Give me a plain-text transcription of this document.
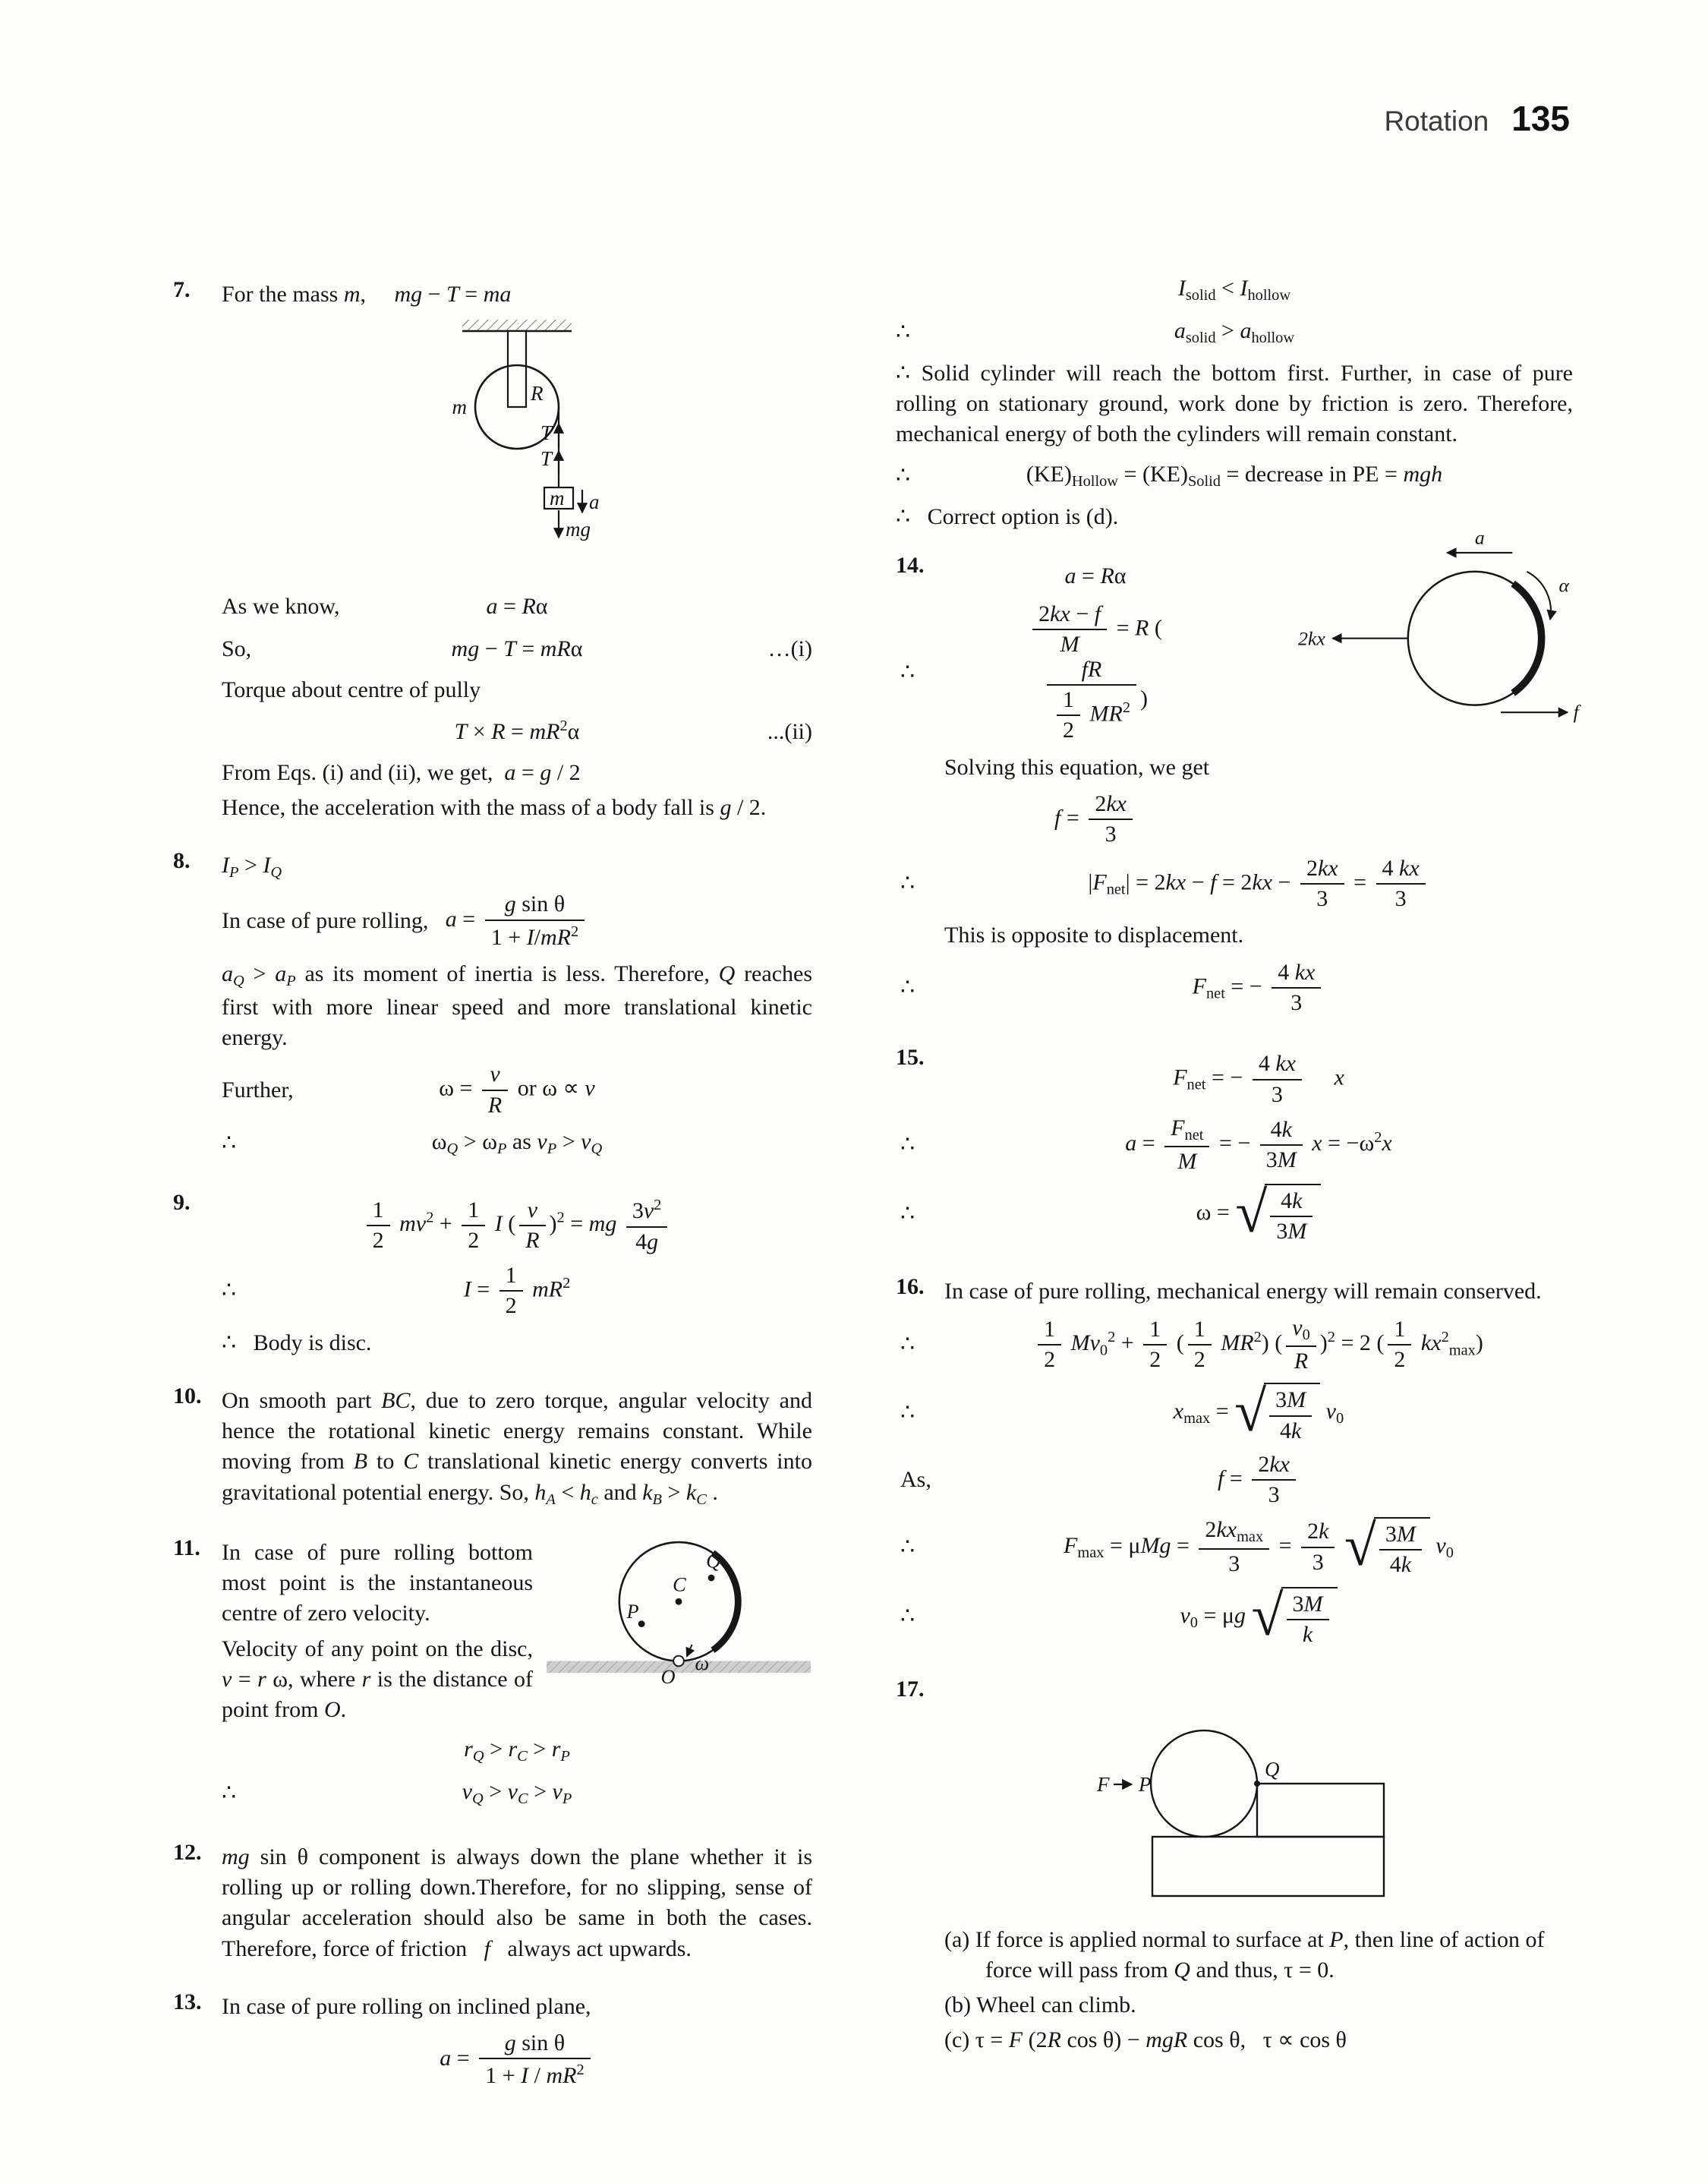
Rotation 135
7.	For the mass m,  mg − T = ma

m
R
T
T
m a
mg
As we know,	a = Rα
So,	mg − T = mRα	…(i)

Torque about centre of pully

$T \times R = mR^2\alpha$	...(ii)

From Eqs. (i) and (ii), we get, a = g / 2

Hence, the acceleration with the mass of a body fall is g / 2.

8.	$I_P > I_Q$

In case of pure rolling, $a = \frac{\text{g sin θ}}{1 + I/mR^2}$

$a_Q > a_P$ as its moment of inertia is less. Therefore, Q reaches first with more linear speed and more translational kinetic energy.

Further,	$\omega = \frac{v}{R}$ or ω ∝ v
∴	$\omega_Q > \omega_P$ as $v_P > v_Q$
9.	$\frac{1}{2} mv^2 + \frac{1}{2}$ I ( $\frac{v}{R} )^2$ = mg $\frac{3v^2}{4g}$
∴	$I = \frac{1}{2} mR^2$

∴  Body is disc.

10. On smooth part BC, due to zero torque, angular velocity and hence the rotational kinetic energy remains constant. While moving from B to C translational kinetic energy converts into gravitational potential energy. So, $h_A < h_c$ and $k_B > k_C$ .

11.
C
Q
P
O
ω

In case of pure rolling bottom most point is the instantaneous centre of zero velocity.

Velocity of any point on the disc, v = r ω, where r is the distance of point from O.

$r_Q > r_C > r_P$
∴	$v_Q > v_C > v_P$
12. mg sin θ component is always down the plane whether it is rolling up or rolling down.Therefore, for no slipping, sense of angular acceleration should also be same in both the cases. Therefore, force of friction  f  always act upwards.

13. In case of pure rolling on inclined plane,

$a = \frac{\text{g sin θ}}{1 + I / mR^2}$
$I_{solid} < I_{hollow}$
∴	$a_{solid} > a_{hollow}$

∴ Solid cylinder will reach the bottom first. Further, in case of pure rolling on stationary ground, work done by friction is zero. Therefore, mechanical energy of both the cylinders will remain constant.

∴	$(KE)_{Hollow} = (KE)_{Solid}$ = decrease in PE = mgh

∴  Correct option is (d).

14.
a
α
2kx
f
a = Rα
∴
$\frac{2kx - f}{M} = R$ (
$\frac{fR}{\frac{1}{2} MR^2}$ )

Solving this equation, we get

$f = \frac{2kx}{3}$
∴	$|F_{net}| = 2kx - f = 2kx - \frac{2kx}{3} = \frac{4 kx}{3}$

This is opposite to displacement.

∴	$F_{net}$ = − $\frac{4 kx}{3}$
15.
$F_{net}$ = − $\frac{4 kx}{3}$
  x
∴	$a = \frac{F_{net}}{M}$ = − $\frac{4k}{3M}$ $x = -\omega^2x$
∴	ω = √ $\frac{4k}{3M}$
16. In case of pure rolling, mechanical energy will remain conserved.

∴	$\frac{1}{2} Mv_0^2 + \frac{1}{2}$ ( $\frac{1}{2} MR^2$) ( $\frac{v_0}{R} )^2 = 2$ ( $\frac{1}{2} kx^2_{max}$)
∴	$x_{max}$ = √ $\frac{3M}{4k} v_0$
As,	$f = \frac{2kx}{3}$
∴	$F_{max} = \mu Mg = \frac{2kx_{max}}{3} = \frac{2k}{3}$
√ $\frac{3M}{4k} v_0$
∴	$v_0 = \mu g$ √ $\frac{3M}{k}$
17.
F P
Q

(a) If force is applied normal to surface at P, then line of action of force will pass from Q and thus, τ = 0.

(b) Wheel can climb.

(c) τ = F (2R cos θ) − mgR cos θ,  τ ∝ cos θ
